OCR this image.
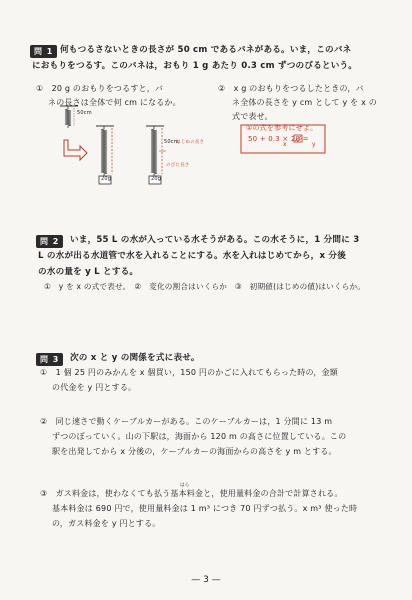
問 1 何もつるさないときの長さが 50 cm であるバネがある。いま，このバネ
におもりをつるす。このバネは，おもり 1 g あたり 0.3 cm ずつのびるという。
①　20 g のおもりをつるすと，バ
ネの長さは全体で何 cm になるか。
②　x g のおもりをつるしたときの，バ
ネ全体の長さを y cm として y を x の
式で表せ。
①の式を参考にせよ。
50 + 0.3 × 20 =
x	y
50cm
20g	20g
50cm
はじめの長さ
のびた長さ
問 2	いま，55 L の水が入っている水そうがある。この水そうに，1 分間に 3
L の水が出る水道管で水を入れることにする。水を入れはじめてから，x 分後
の水の量を y L とする。
①　y を x の式で表せ。　②　変化の割合はいくらか　③　初期値(はじめの値)はいくらか。
問 3	次の x と y の関係を式に表せ。
①　1 個 25 円のみかんを x 個買い，150 円のかごに入れてもらった時の，金額
の代金を y 円とする。
②　同じ速さで動くケーブルカーがある。このケーブルカーは，1 分間に 13 m
ずつのぼっていく。山の下駅は，海面から 120 m の高さに位置している。この
駅を出発してから x 分後の，ケーブルカーの海面からの高さを y m とする。
はら
③　ガス料金は，使わなくても払う基本料金と，使用量料金の合計で計算される。
基本料金は 690 円で，使用量料金は 1 m³ につき 70 円ずつ払う。x m³ 使った時
の，ガス料金を y 円とする。
— 3 —
